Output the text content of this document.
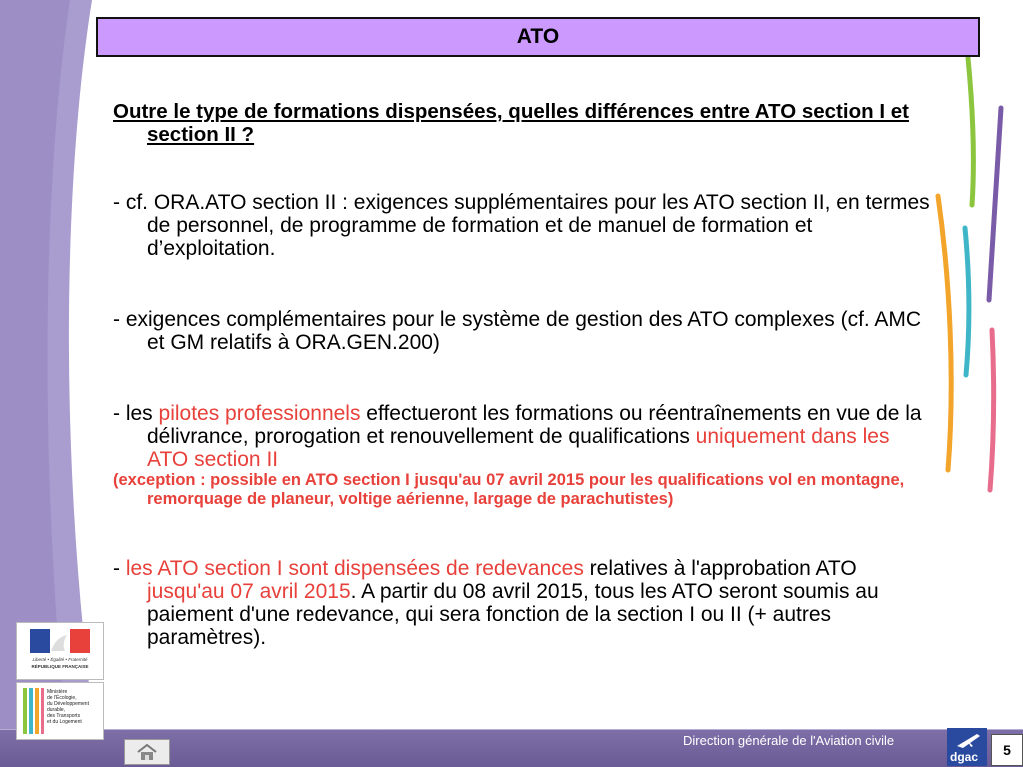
ATO

Outre le type de formations dispensées, quelles différences entre ATO section I et section II ?

- cf. ORA.ATO section II : exigences supplémentaires pour les ATO section II, en termes de personnel, de programme de formation et de manuel de formation et d’exploitation.

- exigences complémentaires pour le système de gestion des ATO complexes (cf. AMC et GM relatifs à ORA.GEN.200)

- les pilotes professionnels effectueront les formations ou réentraînements en vue de la délivrance, prorogation et renouvellement de qualifications uniquement dans les ATO section II
(exception : possible en ATO section I jusqu'au 07 avril 2015 pour les qualifications vol en montagne, remorquage de planeur, voltige aérienne, largage de parachutistes)

- les ATO section I sont dispensées de redevances relatives à l'approbation ATO jusqu'au 07 avril 2015. A partir du 08 avril 2015, tous les ATO seront soumis au paiement d'une redevance, qui sera fonction de la section I ou II (+ autres paramètres).

Liberté • Égalité • Fraternité
RÉPUBLIQUE FRANÇAISE
Ministère
de l'Écologie,
du Développement
durable,
des Transports
et du Logement
Direction générale de l'Aviation civile
dgac	5
